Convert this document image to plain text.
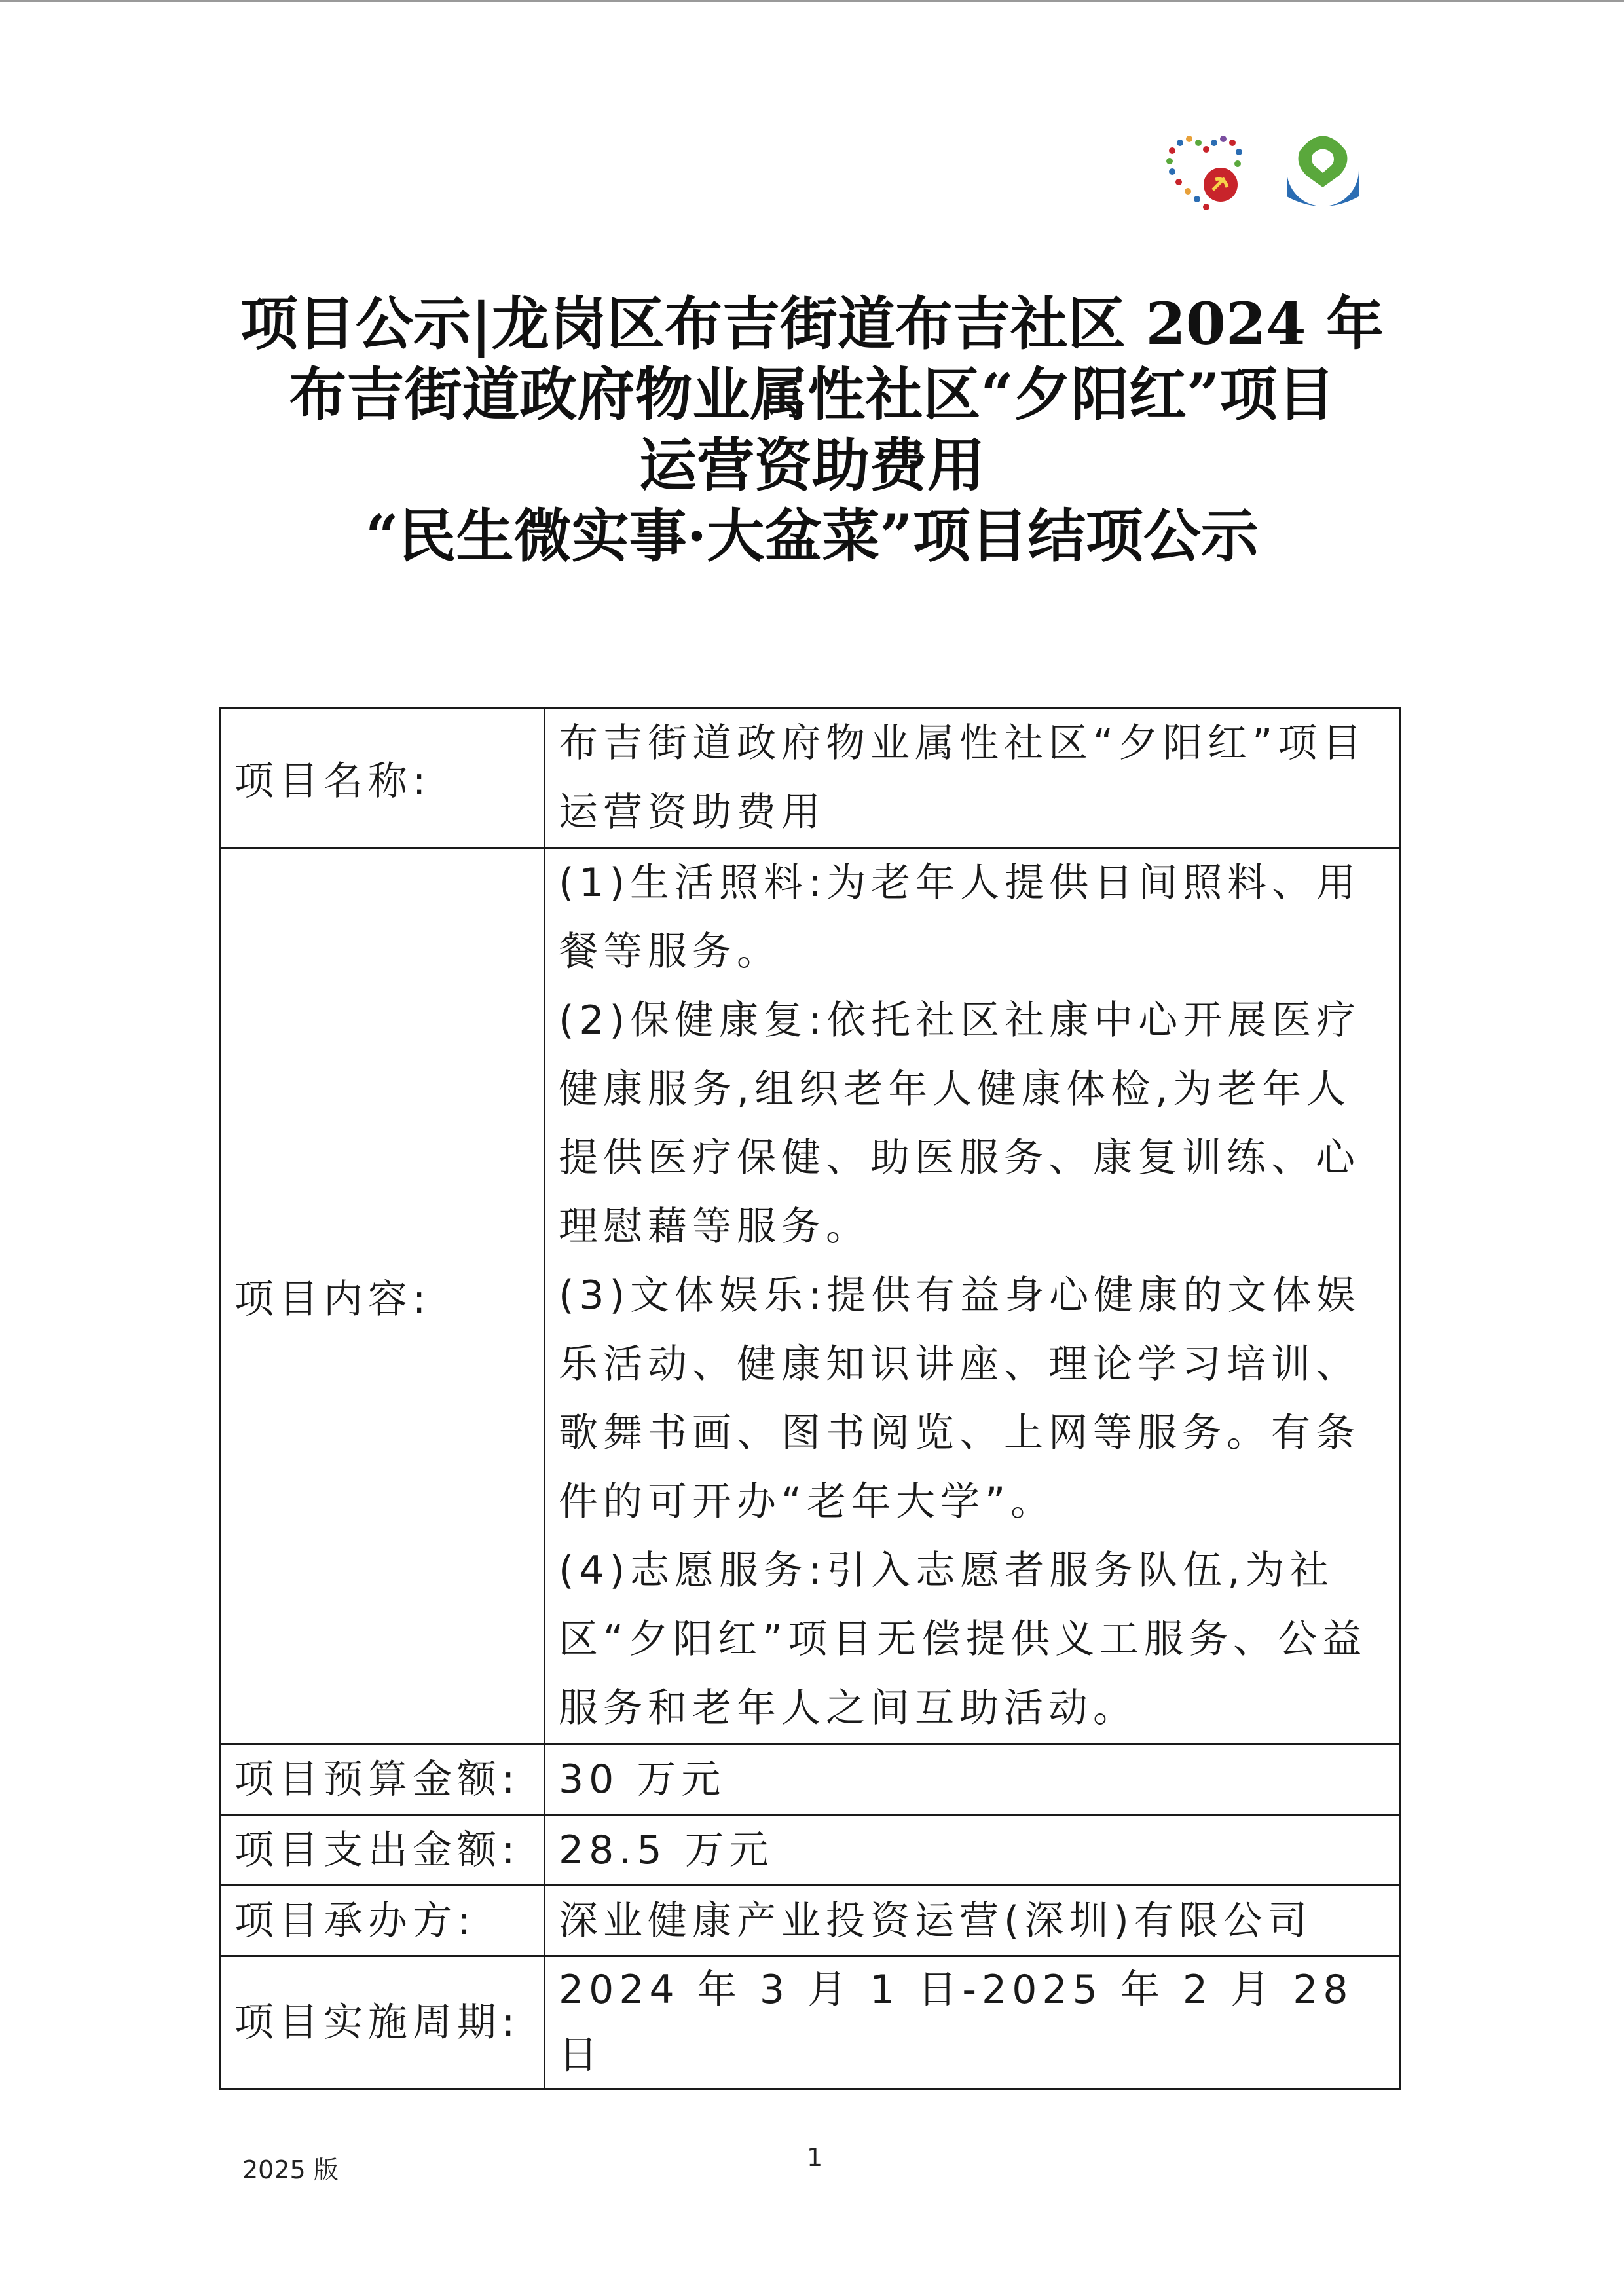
项目公示|龙岗区布吉街道布吉社区 2024 年
布吉街道政府物业属性社区“夕阳红”项目
运营资助费用
“民生微实事·大盆菜”项目结项公示
项目名称:	布吉街道政府物业属性社区“夕阳红”项目运营资助费用
项目内容:	(1)生活照料:为老年人提供日间照料、用餐等服务。

(2)保健康复:依托社区社康中心开展医疗健康服务,组织老年人健康体检,为老年人提供医疗保健、助医服务、康复训练、心理慰藉等服务。

(3)文体娱乐:提供有益身心健康的文体娱乐活动、健康知识讲座、理论学习培训、歌舞书画、图书阅览、上网等服务。有条件的可开办“老年大学”。

(4)志愿服务:引入志愿者服务队伍,为社区“夕阳红”项目无偿提供义工服务、公益服务和老年人之间互助活动。

项目预算金额:	30 万元
项目支出金额:	28.5 万元
项目承办方:	深业健康产业投资运营(深圳)有限公司
项目实施周期:	2024 年 3 月 1 日-2025 年 2 月 28 日
2025 版	1
